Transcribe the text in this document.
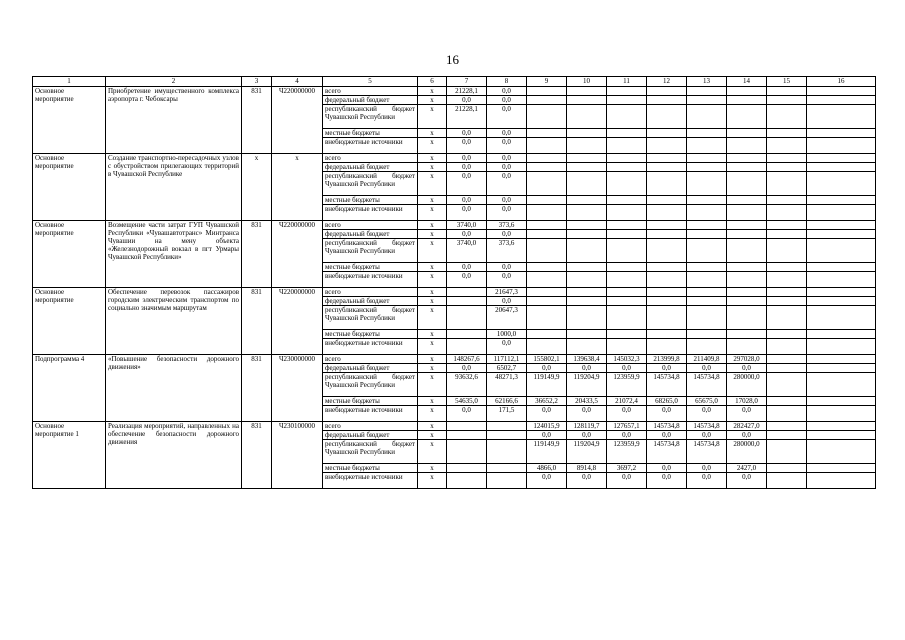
16
1	2	3	4	5	6	7	8	9	10	11	12	13	14	15	16	
Основное мероприятие	Приобретение имущественного комплекса аэропорта г. Чебоксары	831	Ч220000000	всего	x	21228,1	0,0									
				федеральный бюджет	x	0,0	0,0									
				республиканский бюджет Чувашской Республики	x	21228,1	0,0									
				местные бюджеты	x	0,0	0,0									
				внебюджетные источники	x	0,0	0,0									
Основное мероприятие	Создание транспортно-пересадочных узлов с обустройством прилегающих территорий в Чувашской Республике	x	x	всего	x	0,0	0,0									
				федеральный бюджет	x	0,0	0,0									
				республиканский бюджет Чувашской Республики	x	0,0	0,0									
				местные бюджеты	x	0,0	0,0									
				внебюджетные источники	x	0,0	0,0									
Основное мероприятие	Возмещение части затрат ГУП Чувашской Республики «Чувашавтотранс» Минтранса Чувашии на мену объекта «Железнодорожный вокзал в пгт Урмары Чувашской Республики»	831	Ч220000000	всего	x	3740,0	373,6									
				федеральный бюджет	x	0,0	0,0									
				республиканский бюджет Чувашской Республики	x	3740,0	373,6									
				местные бюджеты	x	0,0	0,0									
				внебюджетные источники	x	0,0	0,0									
Основное мероприятие	Обеспечение перевозок пассажиров городским электрическим транспортом по социально значимым маршрутам	831	Ч220000000	всего	x		21647,3									
				федеральный бюджет	x		0,0									
				республиканский бюджет Чувашской Республики	x		20647,3									
				местные бюджеты	x		1000,0									
				внебюджетные источники	x		0,0									
Подпрограмма 4	«Повышение безопасности дорожного движения»	831	Ч230000000	всего	x	148267,6	117112,1	155802,1	139638,4	145032,3	213999,8	211409,8	297028,0			
				федеральный бюджет	x	0,0	6502,7	0,0	0,0	0,0	0,0	0,0	0,0			
				республиканский бюджет Чувашской Республики	x	93632,6	48271,3	119149,9	119204,9	123959,9	145734,8	145734,8	280000,0			
				местные бюджеты	x	54635,0	62166,6	36652,2	20433,5	21072,4	68265,0	65675,0	17028,0			
				внебюджетные источники	x	0,0	171,5	0,0	0,0	0,0	0,0	0,0	0,0			
Основное мероприятие 1	Реализация мероприятий, направленных на обеспечение безопасности дорожного движения	831	Ч230100000	всего	x			124015,9	128119,7	127657,1	145734,8	145734,8	282427,0			
				федеральный бюджет	x			0,0	0,0	0,0	0,0	0,0	0,0			
				республиканский бюджет Чувашской Республики	x			119149,9	119204,9	123959,9	145734,8	145734,8	280000,0			
				местные бюджеты	x			4866,0	8914,8	3697,2	0,0	0,0	2427,0			
				внебюджетные источники	x			0,0	0,0	0,0	0,0	0,0	0,0			
